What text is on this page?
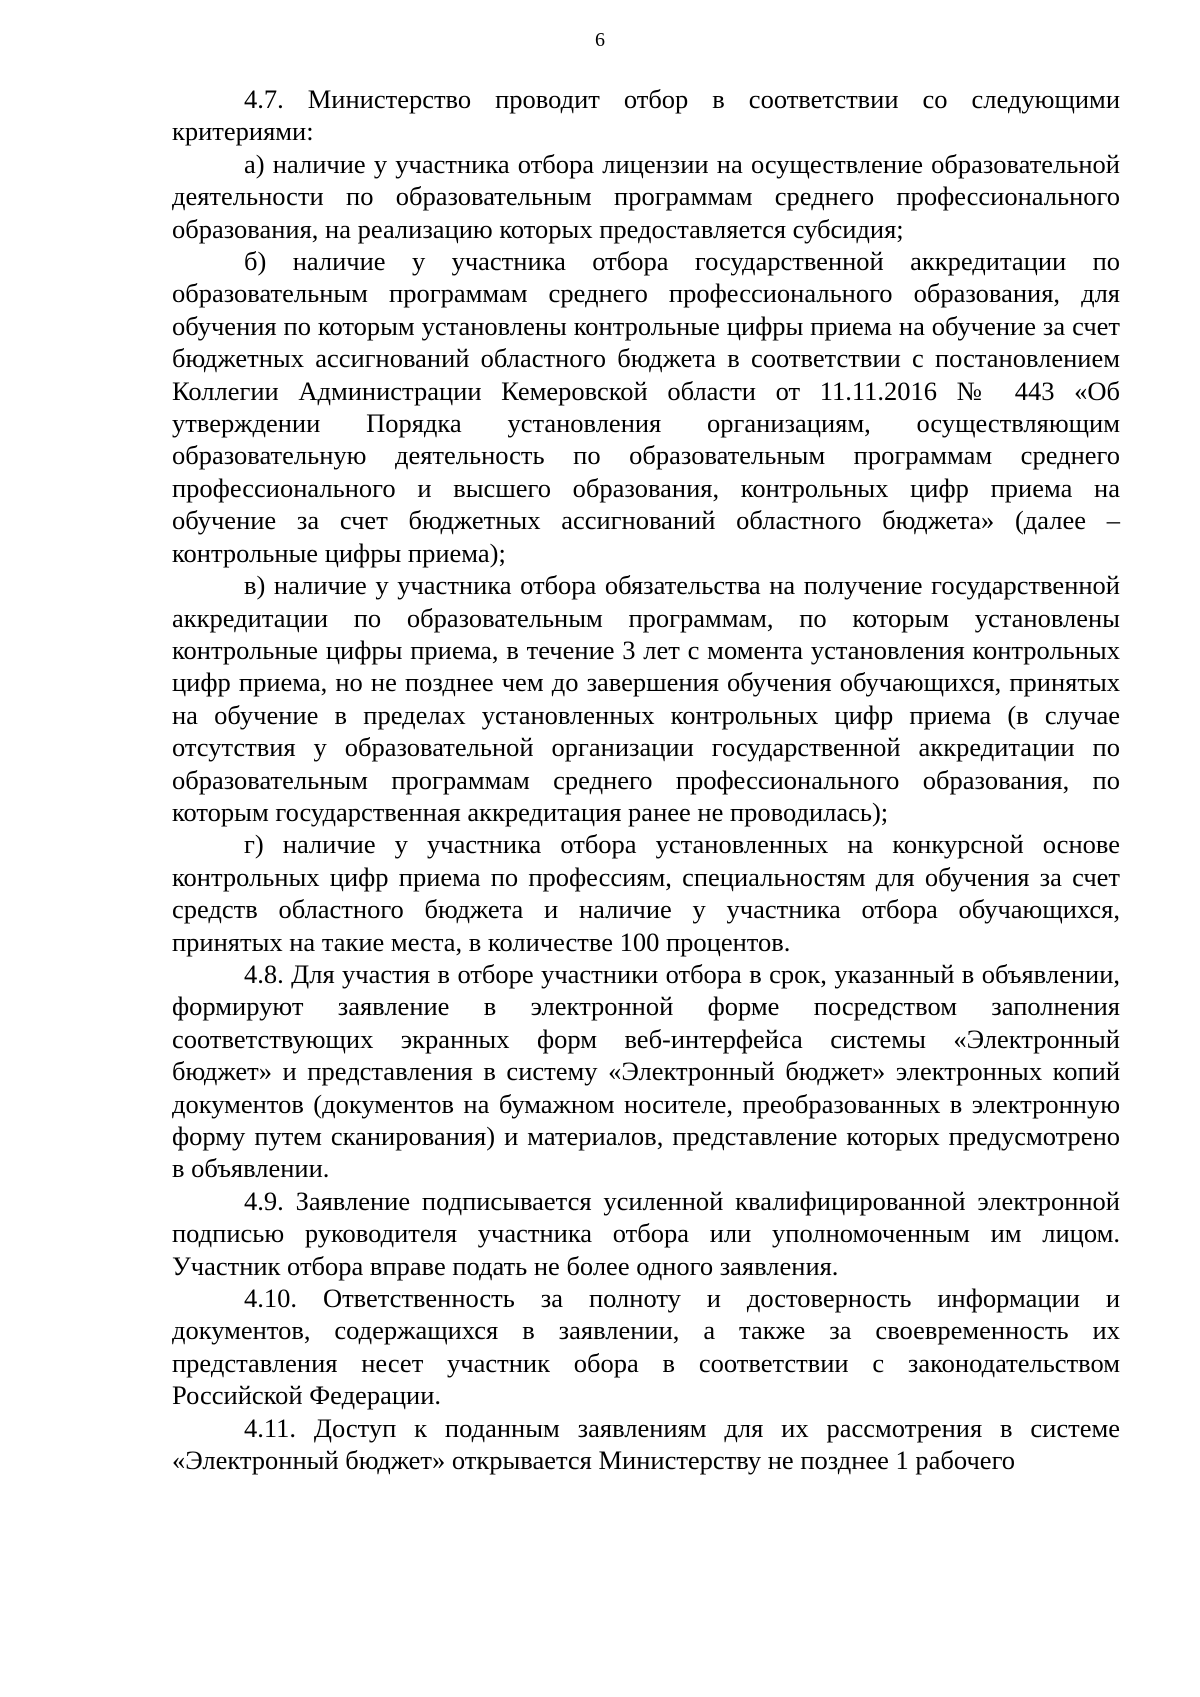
6

4.7. Министерство проводит отбор в соответствии со следующими критериями:

а) наличие у участника отбора лицензии на осуществление образовательной деятельности по образовательным программам среднего профессионального образования, на реализацию которых предоставляется субсидия;

б) наличие у участника отбора государственной аккредитации по образовательным программам среднего профессионального образования, для обучения по которым установлены контрольные цифры приема на обучение за счет бюджетных ассигнований областного бюджета в соответствии с постановлением Коллегии Администрации Кемеровской области от 11.11.2016 № 443 «Об утверждении Порядка установления организациям, осуществляющим образовательную деятельность по образовательным программам среднего профессионального и высшего образования, контрольных цифр приема на обучение за счет бюджетных ассигнований областного бюджета» (далее – контрольные цифры приема);

в) наличие у участника отбора обязательства на получение государственной аккредитации по образовательным программам, по которым установлены контрольные цифры приема, в течение 3 лет с момента установления контрольных цифр приема, но не позднее чем до завершения обучения обучающихся, принятых на обучение в пределах установленных контрольных цифр приема (в случае отсутствия у образовательной организации государственной аккредитации по образовательным программам среднего профессионального образования, по которым государственная аккредитация ранее не проводилась);

г) наличие у участника отбора установленных на конкурсной основе контрольных цифр приема по профессиям, специальностям для обучения за счет средств областного бюджета и наличие у участника отбора обучающихся, принятых на такие места, в количестве 100 процентов.

4.8. Для участия в отборе участники отбора в срок, указанный в объявлении, формируют заявление в электронной форме посредством заполнения соответствующих экранных форм веб-интерфейса системы «Электронный бюджет» и представления в систему «Электронный бюджет» электронных копий документов (документов на бумажном носителе, преобразованных в электронную форму путем сканирования) и материалов, представление которых предусмотрено в объявлении.

4.9. Заявление подписывается усиленной квалифицированной электронной подписью руководителя участника отбора или уполномоченным им лицом. Участник отбора вправе подать не более одного заявления.

4.10. Ответственность за полноту и достоверность информации и документов, содержащихся в заявлении, а также за своевременность их представления несет участник обора в соответствии с законодательством Российской Федерации.

4.11. Доступ к поданным заявлениям для их рассмотрения в системе «Электронный бюджет» открывается Министерству не позднее 1 рабочего
